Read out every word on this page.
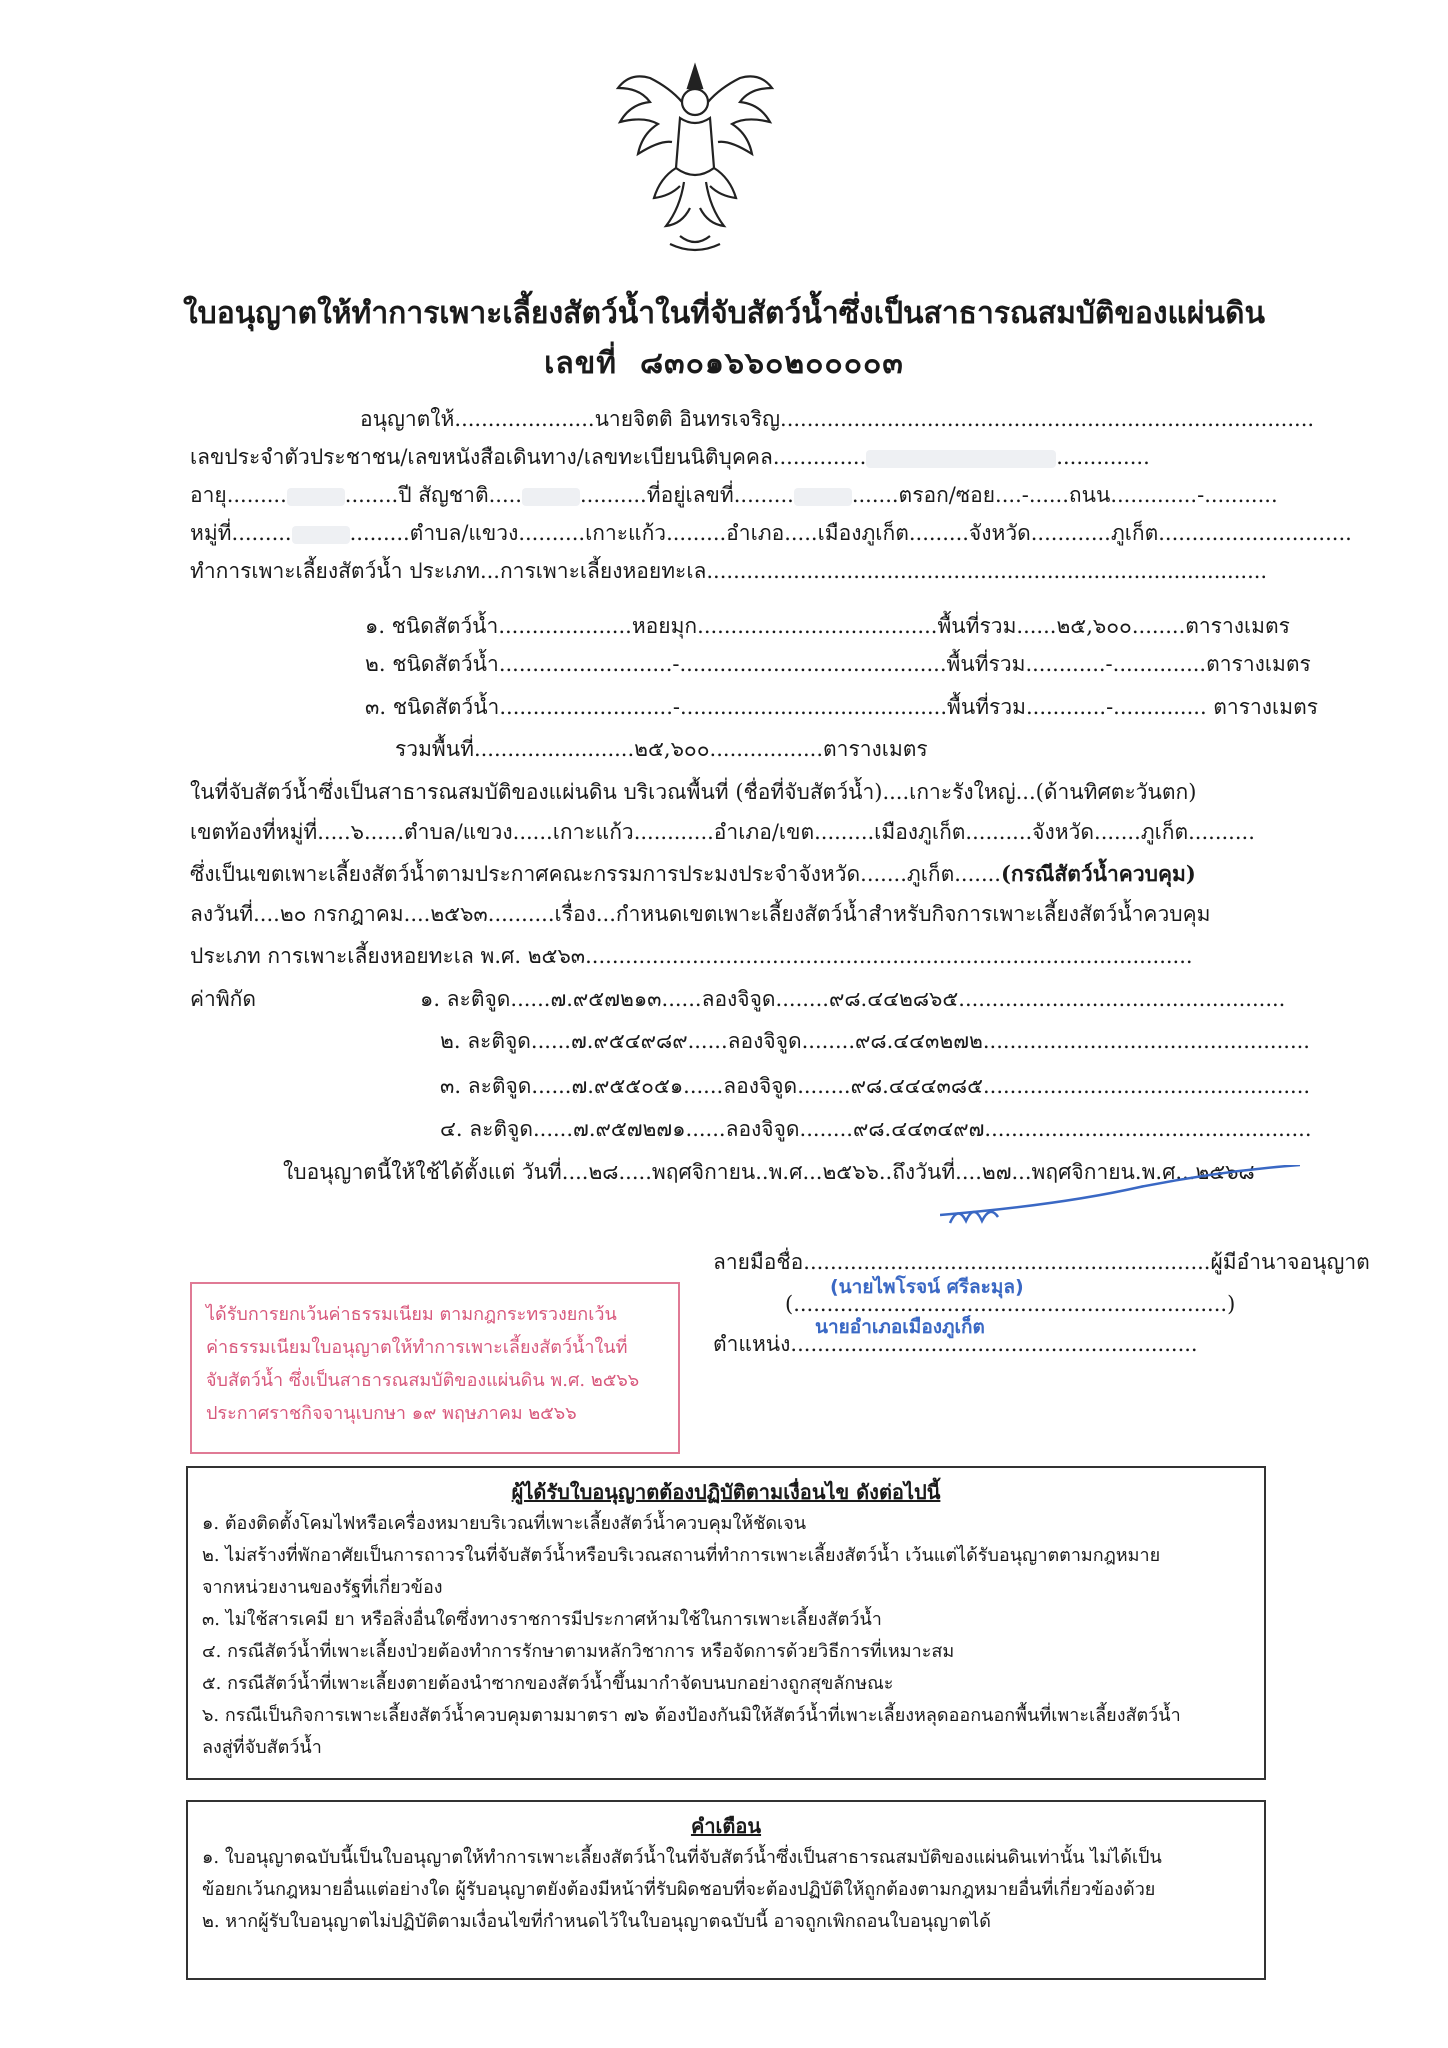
ใบอนุญาตให้ทำการเพาะเลี้ยงสัตว์น้ำในที่จับสัตว์น้ำซึ่งเป็นสาธารณสมบัติของแผ่นดิน
เลขที่ ๘๓๐๑๖๖๐๒๐๐๐๐๓
อนุญาตให้.....................นายจิตติ อินทรเจริญ................................................................................
เลขประจำตัวประชาชน/เลขหนังสือเดินทาง/เลขทะเบียนนิติบุคคล..............	..............
อายุ.........	........ปี สัญชาติ.....	..........ที่อยู่เลขที่.........	.......ตรอก/ซอย....-......ถนน.............-...........
หมู่ที่.........	.........ตำบล/แขวง..........เกาะแก้ว.........อำเภอ.....เมืองภูเก็ต.........จังหวัด............ภูเก็ต.............................
ทำการเพาะเลี้ยงสัตว์น้ำ ประเภท...การเพาะเลี้ยงหอยทะเล....................................................................................
๑. ชนิดสัตว์น้ำ....................หอยมุก....................................พื้นที่รวม......๒๕,๖๐๐........ตารางเมตร
๒. ชนิดสัตว์น้ำ..........................-........................................พื้นที่รวม............-..............ตารางเมตร
๓. ชนิดสัตว์น้ำ..........................-........................................พื้นที่รวม............-.............. ตารางเมตร
รวมพื้นที่........................๒๕,๖๐๐.................ตารางเมตร
ในที่จับสัตว์น้ำซึ่งเป็นสาธารณสมบัติของแผ่นดิน บริเวณพื้นที่ (ชื่อที่จับสัตว์น้ำ)....เกาะรังใหญ่...(ด้านทิศตะวันตก)
เขตท้องที่หมู่ที่.....๖......ตำบล/แขวง......เกาะแก้ว............อำเภอ/เขต.........เมืองภูเก็ต..........จังหวัด.......ภูเก็ต..........
ซึ่งเป็นเขตเพาะเลี้ยงสัตว์น้ำตามประกาศคณะกรรมการประมงประจำจังหวัด.......ภูเก็ต.......(กรณีสัตว์น้ำควบคุม)
ลงวันที่....๒๐ กรกฎาคม....๒๕๖๓..........เรื่อง...กำหนดเขตเพาะเลี้ยงสัตว์น้ำสำหรับกิจการเพาะเลี้ยงสัตว์น้ำควบคุม
ประเภท การเพาะเลี้ยงหอยทะเล พ.ศ. ๒๕๖๓...........................................................................................
ค่าพิกัด	๑. ละติจูด......๗.๙๕๗๒๑๓......ลองจิจูด........๙๘.๔๔๒๘๖๕.................................................
๒. ละติจูด......๗.๙๕๔๙๘๙......ลองจิจูด........๙๘.๔๔๓๒๗๒.................................................
๓. ละติจูด......๗.๙๕๕๐๕๑......ลองจิจูด........๙๘.๔๔๔๓๘๕.................................................
๔. ละติจูด......๗.๙๕๗๒๗๑......ลองจิจูด........๙๘.๔๔๓๔๙๗.................................................
ใบอนุญาตนี้ให้ใช้ได้ตั้งแต่ วันที่....๒๘.....พฤศจิกายน..พ.ศ...๒๕๖๖..ถึงวันที่....๒๗...พฤศจิกายน.พ.ศ...๒๕๖๘
ลายมือชื่อ.............................................................ผู้มีอำนาจอนุญาต
(.................................................................)
(นายไพโรจน์ ศรีละมุล)
ตำแหน่ง.............................................................
นายอำเภอเมืองภูเก็ต
ได้รับการยกเว้นค่าธรรมเนียม ตามกฎกระทรวงยกเว้น
ค่าธรรมเนียมใบอนุญาตให้ทำการเพาะเลี้ยงสัตว์น้ำในที่
จับสัตว์น้ำ ซึ่งเป็นสาธารณสมบัติของแผ่นดิน พ.ศ. ๒๕๖๖
ประกาศราชกิจจานุเบกษา ๑๙ พฤษภาคม ๒๕๖๖
ผู้ได้รับใบอนุญาตต้องปฏิบัติตามเงื่อนไข ดังต่อไปนี้
๑. ต้องติดตั้งโคมไฟหรือเครื่องหมายบริเวณที่เพาะเลี้ยงสัตว์น้ำควบคุมให้ชัดเจน
๒. ไม่สร้างที่พักอาศัยเป็นการถาวรในที่จับสัตว์น้ำหรือบริเวณสถานที่ทำการเพาะเลี้ยงสัตว์น้ำ เว้นแต่ได้รับอนุญาตตามกฎหมาย
จากหน่วยงานของรัฐที่เกี่ยวข้อง
๓. ไม่ใช้สารเคมี ยา หรือสิ่งอื่นใดซึ่งทางราชการมีประกาศห้ามใช้ในการเพาะเลี้ยงสัตว์น้ำ
๔. กรณีสัตว์น้ำที่เพาะเลี้ยงป่วยต้องทำการรักษาตามหลักวิชาการ หรือจัดการด้วยวิธีการที่เหมาะสม
๕. กรณีสัตว์น้ำที่เพาะเลี้ยงตายต้องนำซากของสัตว์น้ำขึ้นมากำจัดบนบกอย่างถูกสุขลักษณะ
๖. กรณีเป็นกิจการเพาะเลี้ยงสัตว์น้ำควบคุมตามมาตรา ๗๖ ต้องป้องกันมิให้สัตว์น้ำที่เพาะเลี้ยงหลุดออกนอกพื้นที่เพาะเลี้ยงสัตว์น้ำ
ลงสู่ที่จับสัตว์น้ำ
คำเตือน
๑. ใบอนุญาตฉบับนี้เป็นใบอนุญาตให้ทำการเพาะเลี้ยงสัตว์น้ำในที่จับสัตว์น้ำซึ่งเป็นสาธารณสมบัติของแผ่นดินเท่านั้น ไม่ได้เป็น
ข้อยกเว้นกฎหมายอื่นแต่อย่างใด ผู้รับอนุญาตยังต้องมีหน้าที่รับผิดชอบที่จะต้องปฏิบัติให้ถูกต้องตามกฎหมายอื่นที่เกี่ยวข้องด้วย
๒. หากผู้รับใบอนุญาตไม่ปฏิบัติตามเงื่อนไขที่กำหนดไว้ในใบอนุญาตฉบับนี้ อาจถูกเพิกถอนใบอนุญาตได้
